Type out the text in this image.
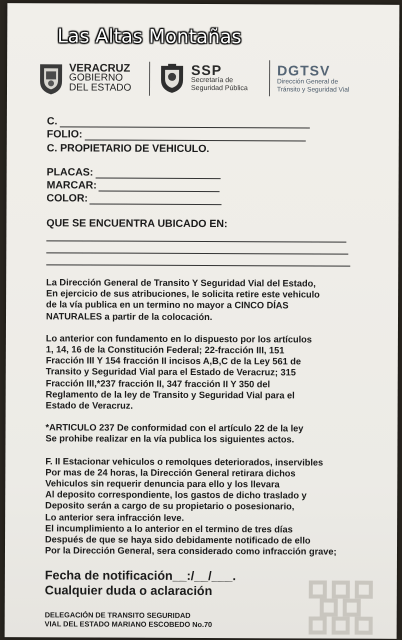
Las Altas Montañas
VERACRUZ
GOBIERNO
DEL ESTADO
SSP
Secretaría de
Seguridad Pública
DGTSV
Dirección General de
Tránsito y Seguridad Vial
C.
FOLIO:
C. PROPIETARIO DE VEHICULO.
PLACAS:
MARCAR:
COLOR:
QUE SE ENCUENTRA UBICADO EN:
La Dirección General de Transito Y Seguridad Vial del Estado,
En ejercicio de sus atribuciones, le solicita retire este vehiculo
de la vía publica en un termino no mayor a CINCO DÍAS
NATURALES a partir de la colocación.
Lo anterior con fundamento en lo dispuesto por los artículos
1, 14, 16 de la Constitución Federal; 22-fracción III, 151
Fracción III Y 154 fracción II incisos A,B,C de la Ley 561 de
Transito y Seguridad Vial para el Estado de Veracruz; 315
Fracción III,*237 fracción II, 347 fracción II Y 350 del
Reglamento de la ley de Transito y Seguridad Vial para el
Estado de Veracruz.
*ARTICULO 237 De conformidad con el artículo 22 de la ley
Se prohibe realizar en la vía publica los siguientes actos.
F. II Estacionar vehiculos o remolques deteriorados, inservibles
Por mas de 24 horas, la Dirección General retirara dichos
Vehiculos sin requerir denuncia para ello y los llevara
Al deposito correspondiente, los gastos de dicho traslado y
Deposito serán a cargo de su propietario o posesionario,
Lo anterior sera infracción leve.
El incumplimiento a lo anterior en el termino de tres días
Después de que se haya sido debidamente notificado de ello
Por la Dirección General, sera considerado como infracción grave;
Fecha de notificación__:/__/___.
Cualquier duda o aclaración
DELEGACIÓN DE TRANSITO SEGURIDAD
VIAL DEL ESTADO MARIANO ESCOBEDO No.70
